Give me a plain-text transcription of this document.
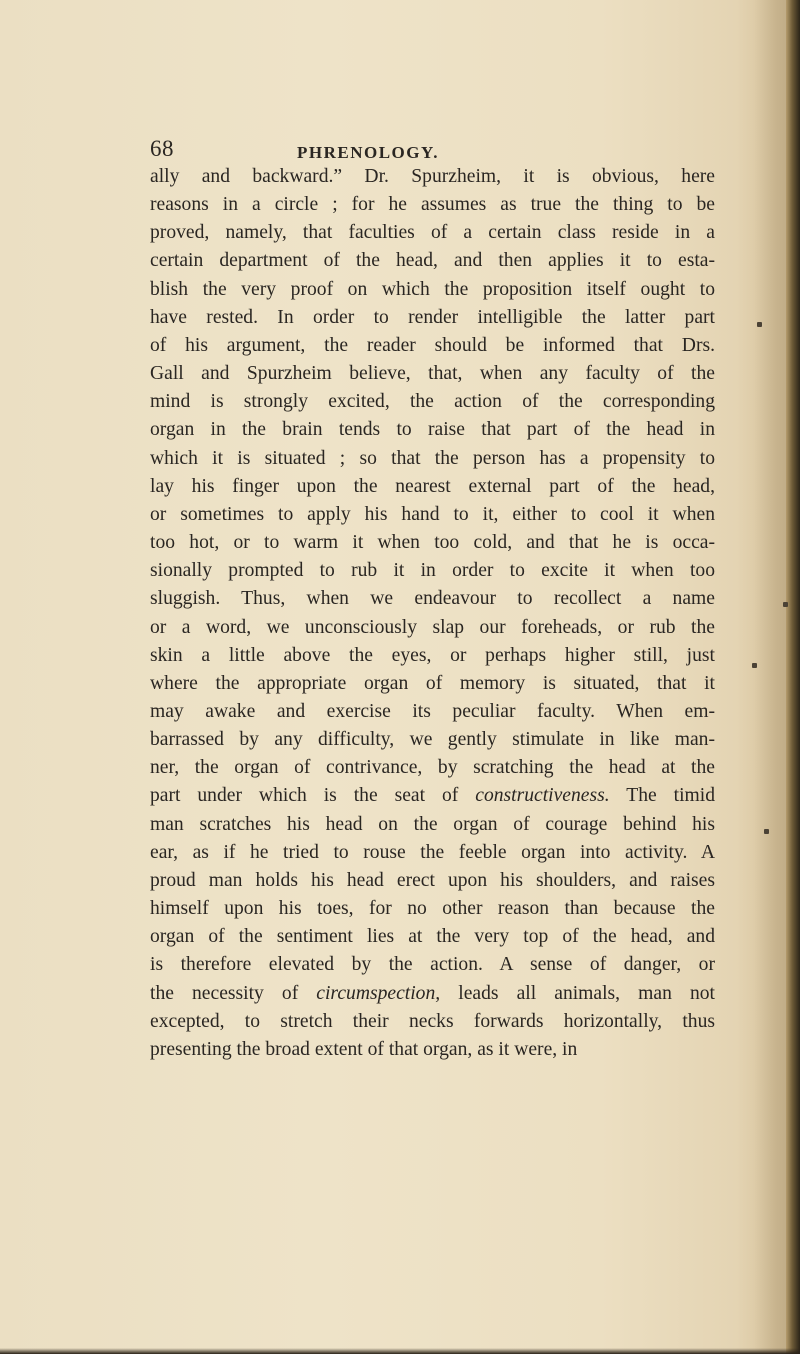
68	PHRENOLOGY.
ally and backward.” Dr. Spurzheim, it is obvious, here
reasons in a circle ; for he assumes as true the thing to be
proved, namely, that faculties of a certain class reside in a
certain department of the head, and then applies it to esta-
blish the very proof on which the proposition itself ought to
have rested. In order to render intelligible the latter part
of his argument, the reader should be informed that Drs.
Gall and Spurzheim believe, that, when any faculty of the
mind is strongly excited, the action of the corresponding
organ in the brain tends to raise that part of the head in
which it is situated ; so that the person has a propensity to
lay his finger upon the nearest external part of the head,
or sometimes to apply his hand to it, either to cool it when
too hot, or to warm it when too cold, and that he is occa-
sionally prompted to rub it in order to excite it when too
sluggish. Thus, when we endeavour to recollect a name
or a word, we unconsciously slap our foreheads, or rub the
skin a little above the eyes, or perhaps higher still, just
where the appropriate organ of memory is situated, that it
may awake and exercise its peculiar faculty. When em-
barrassed by any difficulty, we gently stimulate in like man-
ner, the organ of contrivance, by scratching the head at the
part under which is the seat of constructiveness. The timid
man scratches his head on the organ of courage behind his
ear, as if he tried to rouse the feeble organ into activity. A
proud man holds his head erect upon his shoulders, and raises
himself upon his toes, for no other reason than because the
organ of the sentiment lies at the very top of the head, and
is therefore elevated by the action. A sense of danger, or
the necessity of circumspection, leads all animals, man not
excepted, to stretch their necks forwards horizontally, thus
presenting the broad extent of that organ, as it were, in
